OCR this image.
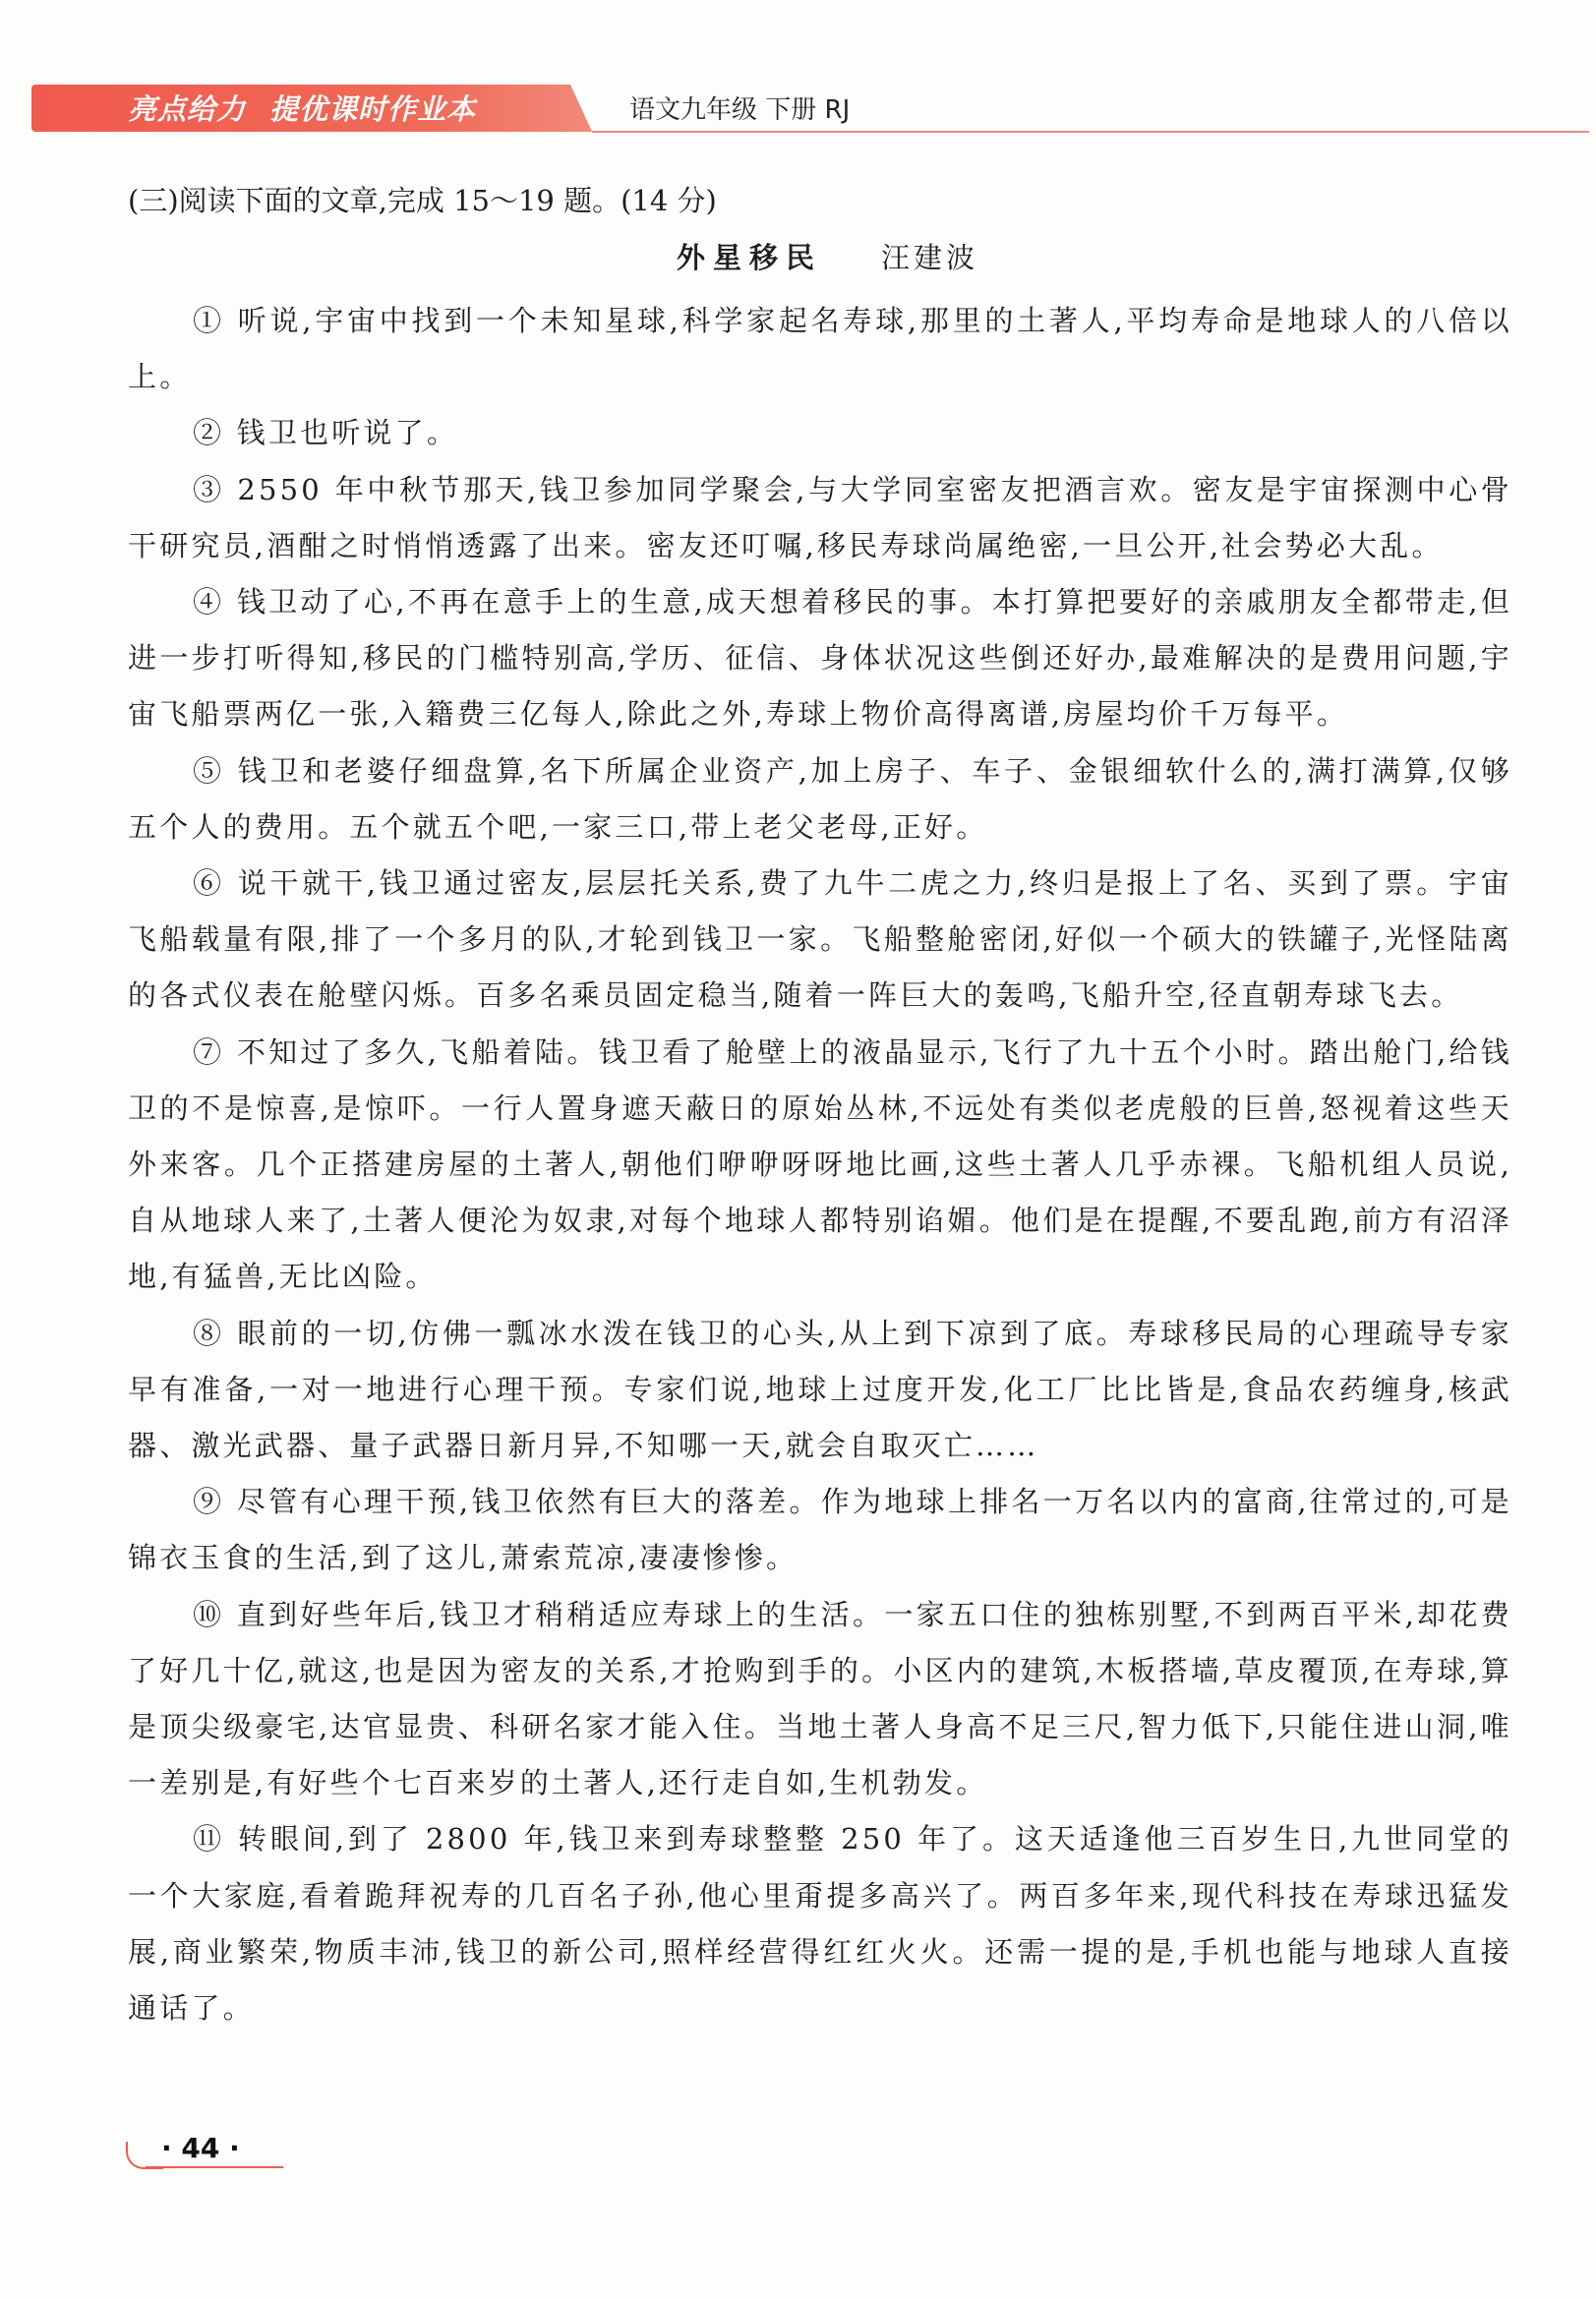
亮点给力 提优课时作业本	语文九年级 下册 RJ
(三)阅读下面的文章,完成 15～19 题。(14 分)
外星移民 汪建波

① 听说,宇宙中找到一个未知星球,科学家起名寿球,那里的土著人,平均寿命是地球人的八倍以上。

② 钱卫也听说了。

③ 2550 年中秋节那天,钱卫参加同学聚会,与大学同室密友把酒言欢。密友是宇宙探测中心骨干研究员,酒酣之时悄悄透露了出来。密友还叮嘱,移民寿球尚属绝密,一旦公开,社会势必大乱。

④ 钱卫动了心,不再在意手上的生意,成天想着移民的事。本打算把要好的亲戚朋友全都带走,但进一步打听得知,移民的门槛特别高,学历、征信、身体状况这些倒还好办,最难解决的是费用问题,宇宙飞船票两亿一张,入籍费三亿每人,除此之外,寿球上物价高得离谱,房屋均价千万每平。

⑤ 钱卫和老婆仔细盘算,名下所属企业资产,加上房子、车子、金银细软什么的,满打满算,仅够五个人的费用。五个就五个吧,一家三口,带上老父老母,正好。

⑥ 说干就干,钱卫通过密友,层层托关系,费了九牛二虎之力,终归是报上了名、买到了票。宇宙飞船载量有限,排了一个多月的队,才轮到钱卫一家。飞船整舱密闭,好似一个硕大的铁罐子,光怪陆离的各式仪表在舱壁闪烁。百多名乘员固定稳当,随着一阵巨大的轰鸣,飞船升空,径直朝寿球飞去。

⑦ 不知过了多久,飞船着陆。钱卫看了舱壁上的液晶显示,飞行了九十五个小时。踏出舱门,给钱卫的不是惊喜,是惊吓。一行人置身遮天蔽日的原始丛林,不远处有类似老虎般的巨兽,怒视着这些天外来客。几个正搭建房屋的土著人,朝他们咿咿呀呀地比画,这些土著人几乎赤裸。飞船机组人员说,自从地球人来了,土著人便沦为奴隶,对每个地球人都特别谄媚。他们是在提醒,不要乱跑,前方有沼泽地,有猛兽,无比凶险。

⑧ 眼前的一切,仿佛一瓢冰水泼在钱卫的心头,从上到下凉到了底。寿球移民局的心理疏导专家早有准备,一对一地进行心理干预。专家们说,地球上过度开发,化工厂比比皆是,食品农药缠身,核武器、激光武器、量子武器日新月异,不知哪一天,就会自取灭亡……

⑨ 尽管有心理干预,钱卫依然有巨大的落差。作为地球上排名一万名以内的富商,往常过的,可是锦衣玉食的生活,到了这儿,萧索荒凉,凄凄惨惨。

⑩ 直到好些年后,钱卫才稍稍适应寿球上的生活。一家五口住的独栋别墅,不到两百平米,却花费了好几十亿,就这,也是因为密友的关系,才抢购到手的。小区内的建筑,木板搭墙,草皮覆顶,在寿球,算是顶尖级豪宅,达官显贵、科研名家才能入住。当地土著人身高不足三尺,智力低下,只能住进山洞,唯一差别是,有好些个七百来岁的土著人,还行走自如,生机勃发。

⑪ 转眼间,到了 2800 年,钱卫来到寿球整整 250 年了。这天适逢他三百岁生日,九世同堂的一个大家庭,看着跪拜祝寿的几百名子孙,他心里甭提多高兴了。两百多年来,现代科技在寿球迅猛发展,商业繁荣,物质丰沛,钱卫的新公司,照样经营得红红火火。还需一提的是,手机也能与地球人直接通话了。

· 44 ·
